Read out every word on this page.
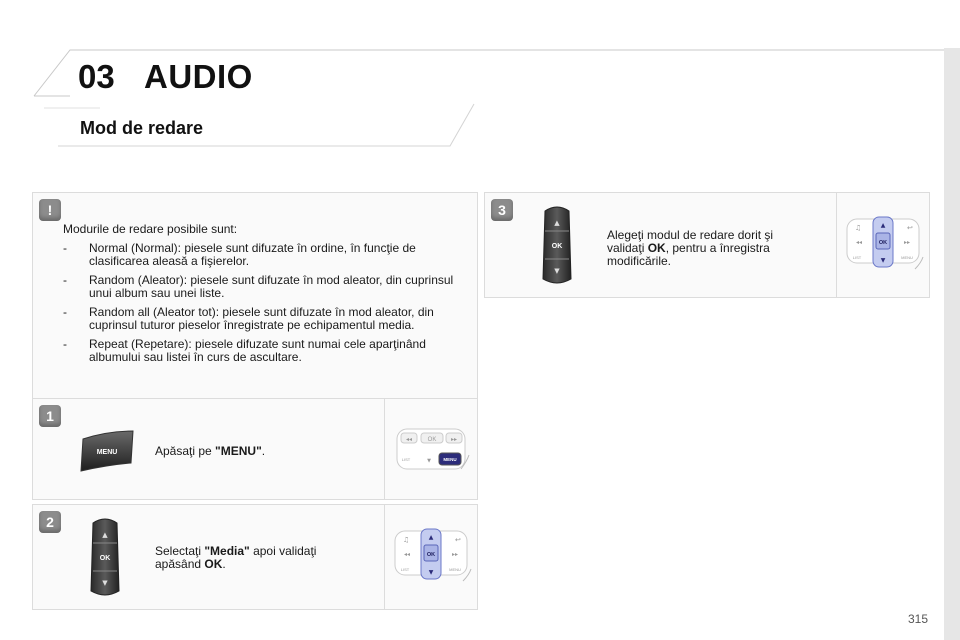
03 AUDIO
Mod de redare
!
Modurile de redare posibile sunt:
- Normal (Normal): piesele sunt difuzate în ordine, în funcţie de clasificarea aleasă a fişierelor.
- Random (Aleator): piesele sunt difuzate în mod aleator, din cuprinsul unui album sau unei liste.
- Random all (Aleator tot): piesele sunt difuzate în mod aleator, din cuprinsul tuturor pieselor înregistrate pe echipamentul media.
- Repeat (Repetare): piesele difuzate sunt numai cele aparţinând albumului sau listei în curs de ascultare.
1
MENU	Apăsaţi pe "MENU".
◂◂	OK ▸▸
LIST	▼	MENU
2
▲
OK
▼
Selectaţi "Media" apoi validaţi apăsând OK.
♫	↩
◂◂	▸▸
LIST	MENU
▲
OK
▼
3
▲
OK
▼
Alegeţi modul de redare dorit şi validaţi OK, pentru a înregistra modificările.
♫	↩
◂◂	▸▸
LIST	MENU
▲
OK
▼
315
